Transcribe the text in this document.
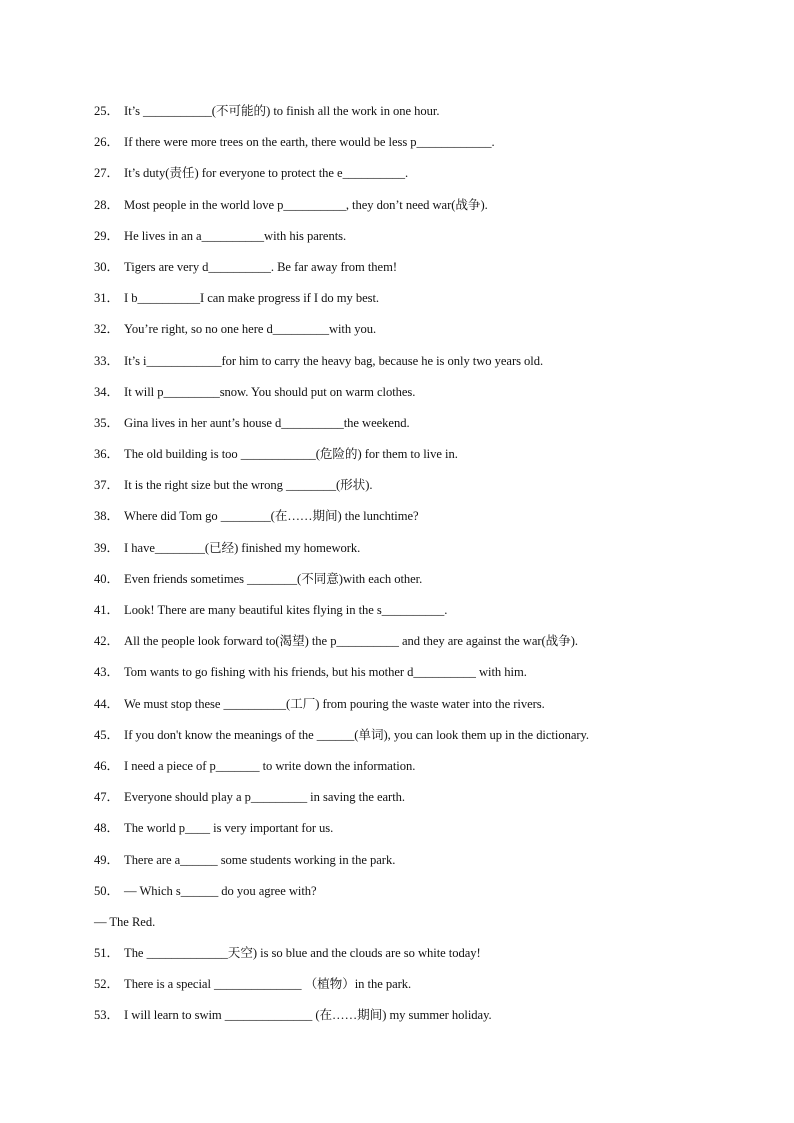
25． It’s ___________(不可能的) to finish all the work in one hour.
26． If there were more trees on the earth, there would be less p____________.
27． It’s duty(责任) for everyone to protect the e__________.
28． Most people in the world love p__________, they don’t need war(战争).
29． He lives in an a__________with his parents.
30． Tigers are very d__________. Be far away from them!
31． I b__________I can make progress if I do my best.
32． You’re right, so no one here d_________with you.
33． It’s i____________for him to carry the heavy bag, because he is only two years old.
34． It will p_________snow. You should put on warm clothes.
35． Gina lives in her aunt’s house d__________the weekend.
36． The old building is too ____________(危险的) for them to live in.
37． It is the right size but the wrong ________(形状).
38． Where did Tom go ________(在……期间) the lunchtime?
39． I have________(已经) finished my homework.
40． Even friends sometimes ________(不同意)with each other.
41． Look! There are many beautiful kites flying in the s__________.
42． All the people look forward to(渴望) the p__________ and they are against the war(战争).
43． Tom wants to go fishing with his friends, but his mother d__________ with him.
44． We must stop these __________(工厂) from pouring the waste water into the rivers.
45． If you don't know the meanings of the ______(单词), you can look them up in the dictionary.
46． I need a piece of p_______ to write down the information.
47． Everyone should play a p_________ in saving the earth.
48． The world p____ is very important for us.
49． There are a______ some students working in the park.
50． — Which s______ do you agree with?
— The Red.
51． The _____________天空) is so blue and the clouds are so white today!
52． There is a special ______________ （植物）in the park.
53． I will learn to swim ______________ (在……期间) my summer holiday.
